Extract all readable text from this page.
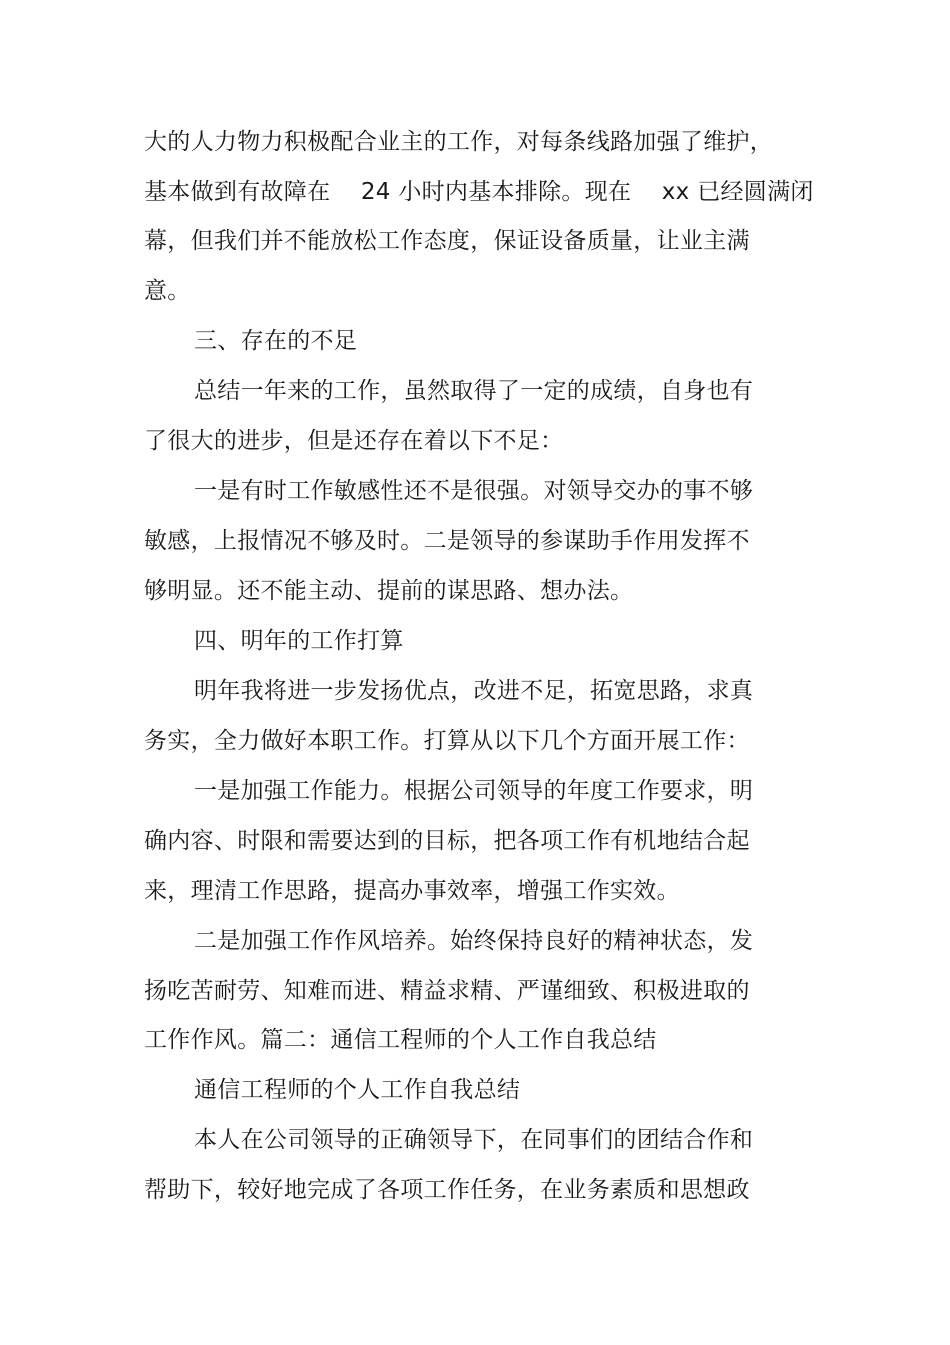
大的人力物力积极配合业主的工作，对每条线路加强了维护，
基本做到有故障在    24 小时内基本排除。现在    xx 已经圆满闭
幕，但我们并不能放松工作态度，保证设备质量，让业主满
意。
三、存在的不足
总结一年来的工作，虽然取得了一定的成绩，自身也有
了很大的进步，但是还存在着以下不足：
一是有时工作敏感性还不是很强。对领导交办的事不够
敏感，上报情况不够及时。二是领导的参谋助手作用发挥不
够明显。还不能主动、提前的谋思路、想办法。
四、明年的工作打算
明年我将进一步发扬优点，改进不足，拓宽思路，求真
务实，全力做好本职工作。打算从以下几个方面开展工作：
一是加强工作能力。根据公司领导的年度工作要求，明
确内容、时限和需要达到的目标，把各项工作有机地结合起
来，理清工作思路，提高办事效率，增强工作实效。
二是加强工作作风培养。始终保持良好的精神状态，发
扬吃苦耐劳、知难而进、精益求精、严谨细致、积极进取的
工作作风。篇二：通信工程师的个人工作自我总结
通信工程师的个人工作自我总结
本人在公司领导的正确领导下，在同事们的团结合作和
帮助下，较好地完成了各项工作任务，在业务素质和思想政
